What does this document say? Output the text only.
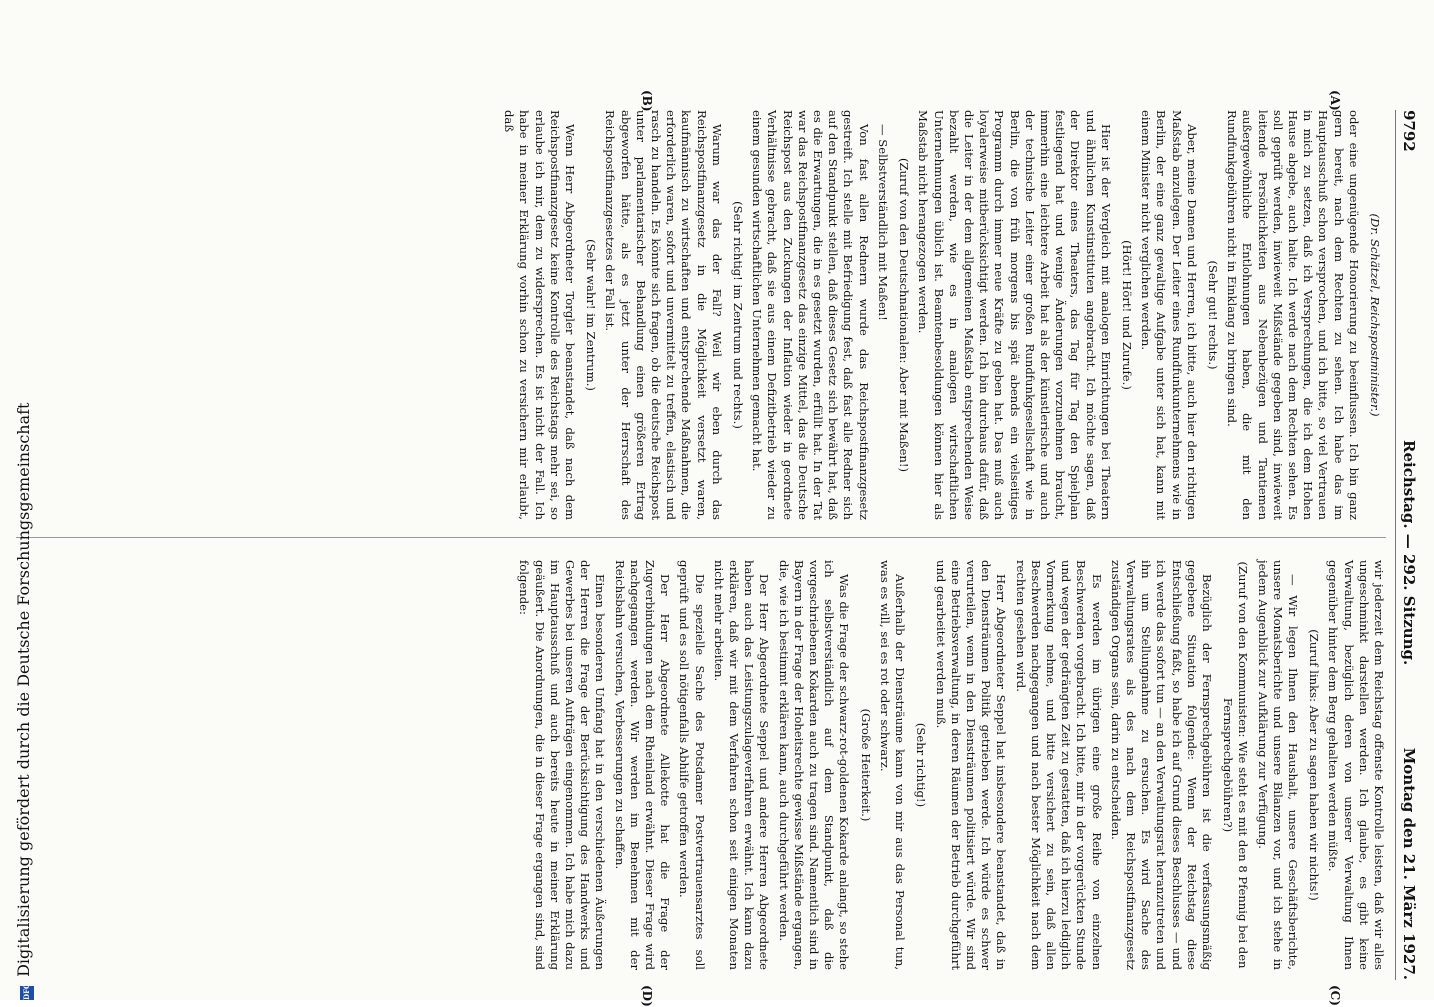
9792
Reichstag. — 292. Sitzung.
Montag den 21. März 1927.
(A)
(B)
(C)
(D)

(Dr. Schätzel, Reichspostminister.)

oder eine ungenügende Honorierung zu beeinflussen. Ich bin ganz gern bereit, nach dem Rechten zu sehen. Ich habe das im Hauptausschuß schon versprochen, und ich bitte, so viel Vertrauen in mich zu setzen, daß ich Versprechungen, die ich dem Hohen Hause abgebe, auch halte. Ich werde nach dem Rechten sehen. Es soll geprüft werden, inwieweit Mißstände gegeben sind, inwieweit leitende Persönlichkeiten aus Nebenbezügen und Tantiemen außergewöhnliche Entlohnungen haben, die mit den Rundfunkgebühren nicht in Einklang zu bringen sind.

(Sehr gut! rechts.)

Aber, meine Damen und Herren, ich bitte, auch hier den richtigen Maßstab anzulegen. Der Leiter eines Rundfunkunternehmens wie in Berlin, der eine ganz gewaltige Aufgabe unter sich hat, kann mit einem Minister nicht verglichen werden.

(Hört! Hört! und Zurufe.)

Hier ist der Vergleich mit analogen Einrichtungen bei Theatern und ähnlichen Kunstinstituten angebracht. Ich möchte sagen, daß der Direktor eines Theaters, das Tag für Tag den Spielplan festliegend hat und wenige Änderungen vorzunehmen braucht, immerhin eine leichtere Arbeit hat als der künstlerische und auch der technische Leiter einer großen Rundfunkgesellschaft wie in Berlin, die von früh morgens bis spät abends ein vielseitiges Programm durch immer neue Kräfte zu geben hat. Das muß auch loyalerweise mitberücksichtigt werden. Ich bin durchaus dafür, daß die Leiter in der dem allgemeinen Maßstab entsprechenden Weise bezahlt werden, wie es in analogen wirtschaftlichen Unternehmungen üblich ist. Beamtenbesoldungen können hier als Maßstab nicht herangezogen werden.

(Zuruf von den Deutschnationalen: Aber mit Maßen!)

— Selbstverständlich mit Maßen!

Von fast allen Rednern wurde das Reichspostfinanzgesetz gestreift. Ich stelle mit Befriedigung fest, daß fast alle Redner sich auf den Standpunkt stellen, daß dieses Gesetz sich bewährt hat, daß es die Erwartungen, die in es gesetzt wurden, erfüllt hat. In der Tat war das Reichspostfinanzgesetz das einzige Mittel, das die Deutsche Reichspost aus den Zuckungen der Inflation wieder in geordnete Verhältnisse gebracht, daß sie aus einem Defizitbetrieb wieder zu einem gesunden wirtschaftlichen Unternehmen gemacht hat.

(Sehr richtig! im Zentrum und rechts.)

Warum war das der Fall? Weil wir eben durch das Reichspostfinanzgesetz in die Möglichkeit versetzt waren, kaufmännisch zu wirtschaften und entsprechende Maßnahmen, die erforderlich waren, sofort und unvermittelt zu treffen, elastisch und rasch zu handeln. Es könnte sich fragen, ob die deutsche Reichspost unter parlamentarischer Behandlung einen größeren Ertrag abgeworfen hätte, als es jetzt unter der Herrschaft des Reichspostfinanzgesetzes der Fall ist.

(Sehr wahr! im Zentrum.)

Wenn Herr Abgeordneter Torgler beanstandet, daß nach dem Reichspostfinanzgesetz keine Kontrolle des Reichstags mehr sei, so erlaube ich mir, dem zu widersprechen. Es ist nicht der Fall. Ich habe in meiner Erklärung vorhin schon zu versichern mir erlaubt, daß

wir jederzeit dem Reichstag offenste Kontrolle leisten, daß wir alles ungeschminkt darstellen werden. Ich glaube, es gibt keine Verwaltung, bezüglich deren von unserer Verwaltung Ihnen gegenüber hinter dem Berg gehalten werden müßte.

(Zuruf links: Aber zu sagen haben wir nichts!)

— Wir legen Ihnen den Haushalt, unsere Geschäftsberichte, unsere Monatsberichte und unsere Bilanzen vor, und ich stehe in jedem Augenblick zur Aufklärung zur Verfügung.

(Zuruf von den Kommunisten: Wie steht es mit den 8 Pfennig bei den Fernsprechgebühren?)

Bezüglich der Fernsprechgebühren ist die verfassungsmäßig gegebene Situation folgende: Wenn der Reichstag diese Entschließung faßt, so habe ich auf Grund dieses Beschlusses — und ich werde das sofort tun — an den Verwaltungsrat heranzutreten und ihn um Stellungnahme zu ersuchen. Es wird Sache des Verwaltungsrates als des nach dem Reichspostfinanzgesetz zuständigen Organs sein, darin zu entscheiden.

Es werden im übrigen eine große Reihe von einzelnen Beschwerden vorgebracht. Ich bitte, mir in der vorgerückten Stunde und wegen der gedrängten Zeit zu gestatten, daß ich hierzu lediglich Vormerkung nehme, und bitte versichert zu sein, daß allen Beschwerden nachgegangen und nach bester Möglichkeit nach dem rechten gesehen wird.

Herr Abgeordneter Seppel hat insbesondere beanstandet, daß in den Diensträumen Politik getrieben werde. Ich würde es schwer verurteilen, wenn in den Diensträumen politisiert würde. Wir sind eine Betriebsverwaltung, in deren Räumen der Betrieb durchgeführt und gearbeitet werden muß.

(Sehr richtig!)

Außerhalb der Diensträume kann von mir aus das Personal tun, was es will, sei es rot oder schwarz.

(Große Heiterkeit.)

Was die Frage der schwarz-rot-goldenen Kokarde anlangt, so stehe ich selbstverständlich auf dem Standpunkt, daß die vorgeschriebenen Kokarden auch zu tragen sind. Namentlich sind in Bayern in der Frage der Hoheitsrechte gewisse Mißstände ergangen, die, wie ich bestimmt erklären kann, auch durchgeführt werden.

Der Herr Abgeordnete Seppel und andere Herren Abgeordnete haben auch das Leistungszulageverfahren erwähnt. Ich kann dazu erklären, daß wir mit dem Verfahren schon seit einigen Monaten nicht mehr arbeiten.

Die spezielle Sache des Potsdamer Postvertrauensarztes soll geprüft und es soll nötigenfalls Abhilfe getroffen werden.

Der Herr Abgeordnete Allekotte hat die Frage der Zugverbindungen nach dem Rheinland erwähnt. Dieser Frage wird nachgegangen werden. Wir werden im Benehmen mit der Reichsbahn versuchen, Verbesserungen zu schaffen.

Einen besonderen Umfang hat in den verschiedenen Äußerungen der Herren die Frage der Berücksichtigung des Handwerks und Gewerbes bei unseren Aufträgen eingenommen. Ich habe mich dazu im Hauptausschuß und auch bereits heute in meiner Erklärung geäußert. Die Anordnungen, die in dieser Frage ergangen sind, sind folgende:

DFG Digitalisierung gefördert durch die Deutsche Forschungsgemeinschaft
